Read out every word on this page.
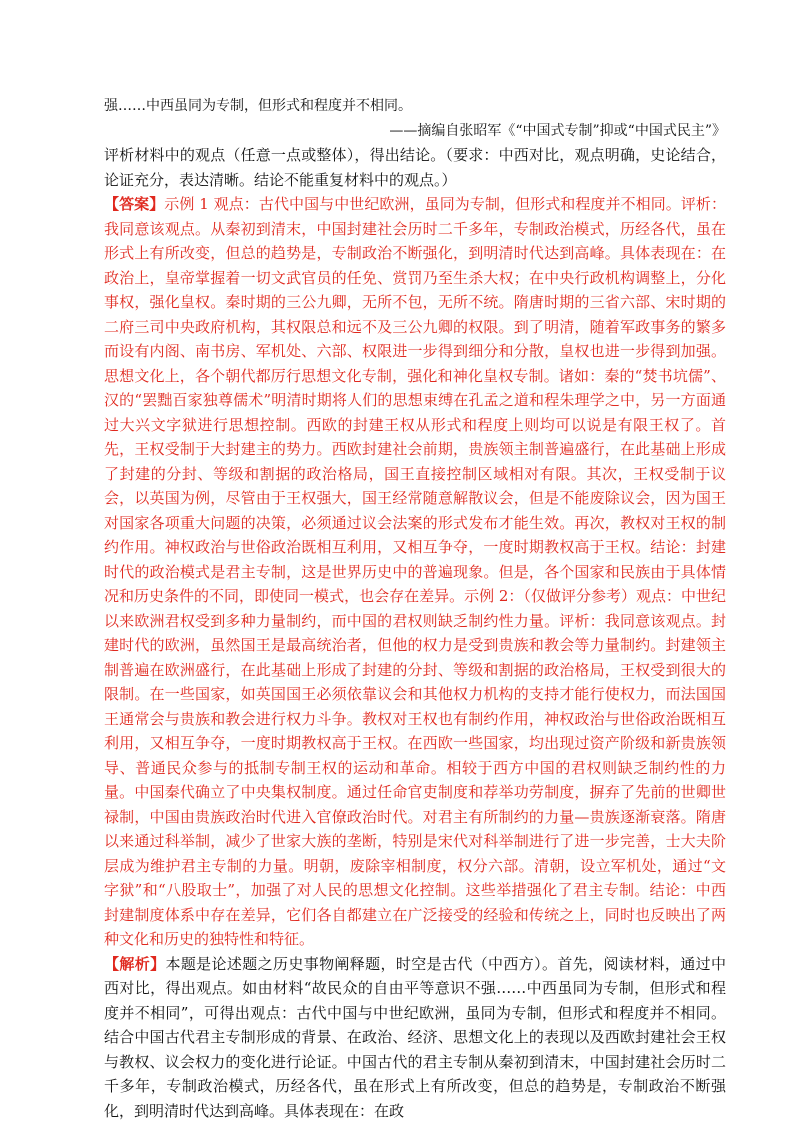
强……中西虽同为专制，但形式和程度并不相同。

——摘编自张昭军《“中国式专制”抑或“中国式民主”》

评析材料中的观点（任意一点或整体），得出结论。（要求：中西对比，观点明确，史论结合，论证充分，表达清晰。结论不能重复材料中的观点。）

【答案】示例 1 观点：古代中国与中世纪欧洲，虽同为专制，但形式和程度并不相同。评析：我同意该观点。从秦初到清末，中国封建社会历时二千多年，专制政治模式，历经各代，虽在形式上有所改变，但总的趋势是，专制政治不断强化，到明清时代达到高峰。具体表现在：在政治上，皇帝掌握着一切文武官员的任免、赏罚乃至生杀大权；在中央行政机构调整上，分化事权，强化皇权。秦时期的三公九卿，无所不包，无所不统。隋唐时期的三省六部、宋时期的二府三司中央政府机构，其权限总和远不及三公九卿的权限。到了明清，随着军政事务的繁多而设有内阁、南书房、军机处、六部、权限进一步得到细分和分散，皇权也进一步得到加强。思想文化上，各个朝代都厉行思想文化专制，强化和神化皇权专制。诸如：秦的“焚书坑儒”、汉的“罢黜百家独尊儒术”明清时期将人们的思想束缚在孔孟之道和程朱理学之中，另一方面通过大兴文字狱进行思想控制。西欧的封建王权从形式和程度上则均可以说是有限王权了。首先，王权受制于大封建主的势力。西欧封建社会前期，贵族领主制普遍盛行，在此基础上形成了封建的分封、等级和割据的政治格局，国王直接控制区域相对有限。其次，王权受制于议会，以英国为例，尽管由于王权强大，国王经常随意解散议会，但是不能废除议会，因为国王对国家各项重大问题的决策，必须通过议会法案的形式发布才能生效。再次，教权对王权的制约作用。神权政治与世俗政治既相互利用，又相互争夺，一度时期教权高于王权。结论：封建时代的政治模式是君主专制，这是世界历史中的普遍现象。但是，各个国家和民族由于具体情况和历史条件的不同，即使同一模式，也会存在差异。示例 2：（仅做评分参考）观点：中世纪以来欧洲君权受到多种力量制约，而中国的君权则缺乏制约性力量。评析：我同意该观点。封建时代的欧洲，虽然国王是最高统治者，但他的权力是受到贵族和教会等力量制约。封建领主制普遍在欧洲盛行，在此基础上形成了封建的分封、等级和割据的政治格局，王权受到很大的限制。在一些国家，如英国国王必须依靠议会和其他权力机构的支持才能行使权力，而法国国王通常会与贵族和教会进行权力斗争。教权对王权也有制约作用，神权政治与世俗政治既相互利用，又相互争夺，一度时期教权高于王权。在西欧一些国家，均出现过资产阶级和新贵族领导、普通民众参与的抵制专制王权的运动和革命。相较于西方中国的君权则缺乏制约性的力量。中国秦代确立了中央集权制度。通过任命官吏制度和荐举功劳制度，摒弃了先前的世卿世禄制，中国由贵族政治时代进入官僚政治时代。对君主有所制约的力量—贵族逐渐衰落。隋唐以来通过科举制，减少了世家大族的垄断，特别是宋代对科举制进行了进一步完善，士大夫阶层成为维护君主专制的力量。明朝，废除宰相制度，权分六部。清朝，设立军机处，通过“文字狱”和“八股取士”，加强了对人民的思想文化控制。这些举措强化了君主专制。结论：中西封建制度体系中存在差异，它们各自都建立在广泛接受的经验和传统之上，同时也反映出了两种文化和历史的独特性和特征。

【解析】本题是论述题之历史事物阐释题，时空是古代（中西方）。首先，阅读材料，通过中西对比，得出观点。如由材料“故民众的自由平等意识不强……中西虽同为专制，但形式和程度并不相同”，可得出观点：古代中国与中世纪欧洲，虽同为专制，但形式和程度并不相同。结合中国古代君主专制形成的背景、在政治、经济、思想文化上的表现以及西欧封建社会王权与教权、议会权力的变化进行论证。中国古代的君主专制从秦初到清末，中国封建社会历时二千多年，专制政治模式，历经各代，虽在形式上有所改变，但总的趋势是，专制政治不断强化，到明清时代达到高峰。具体表现在：在政
